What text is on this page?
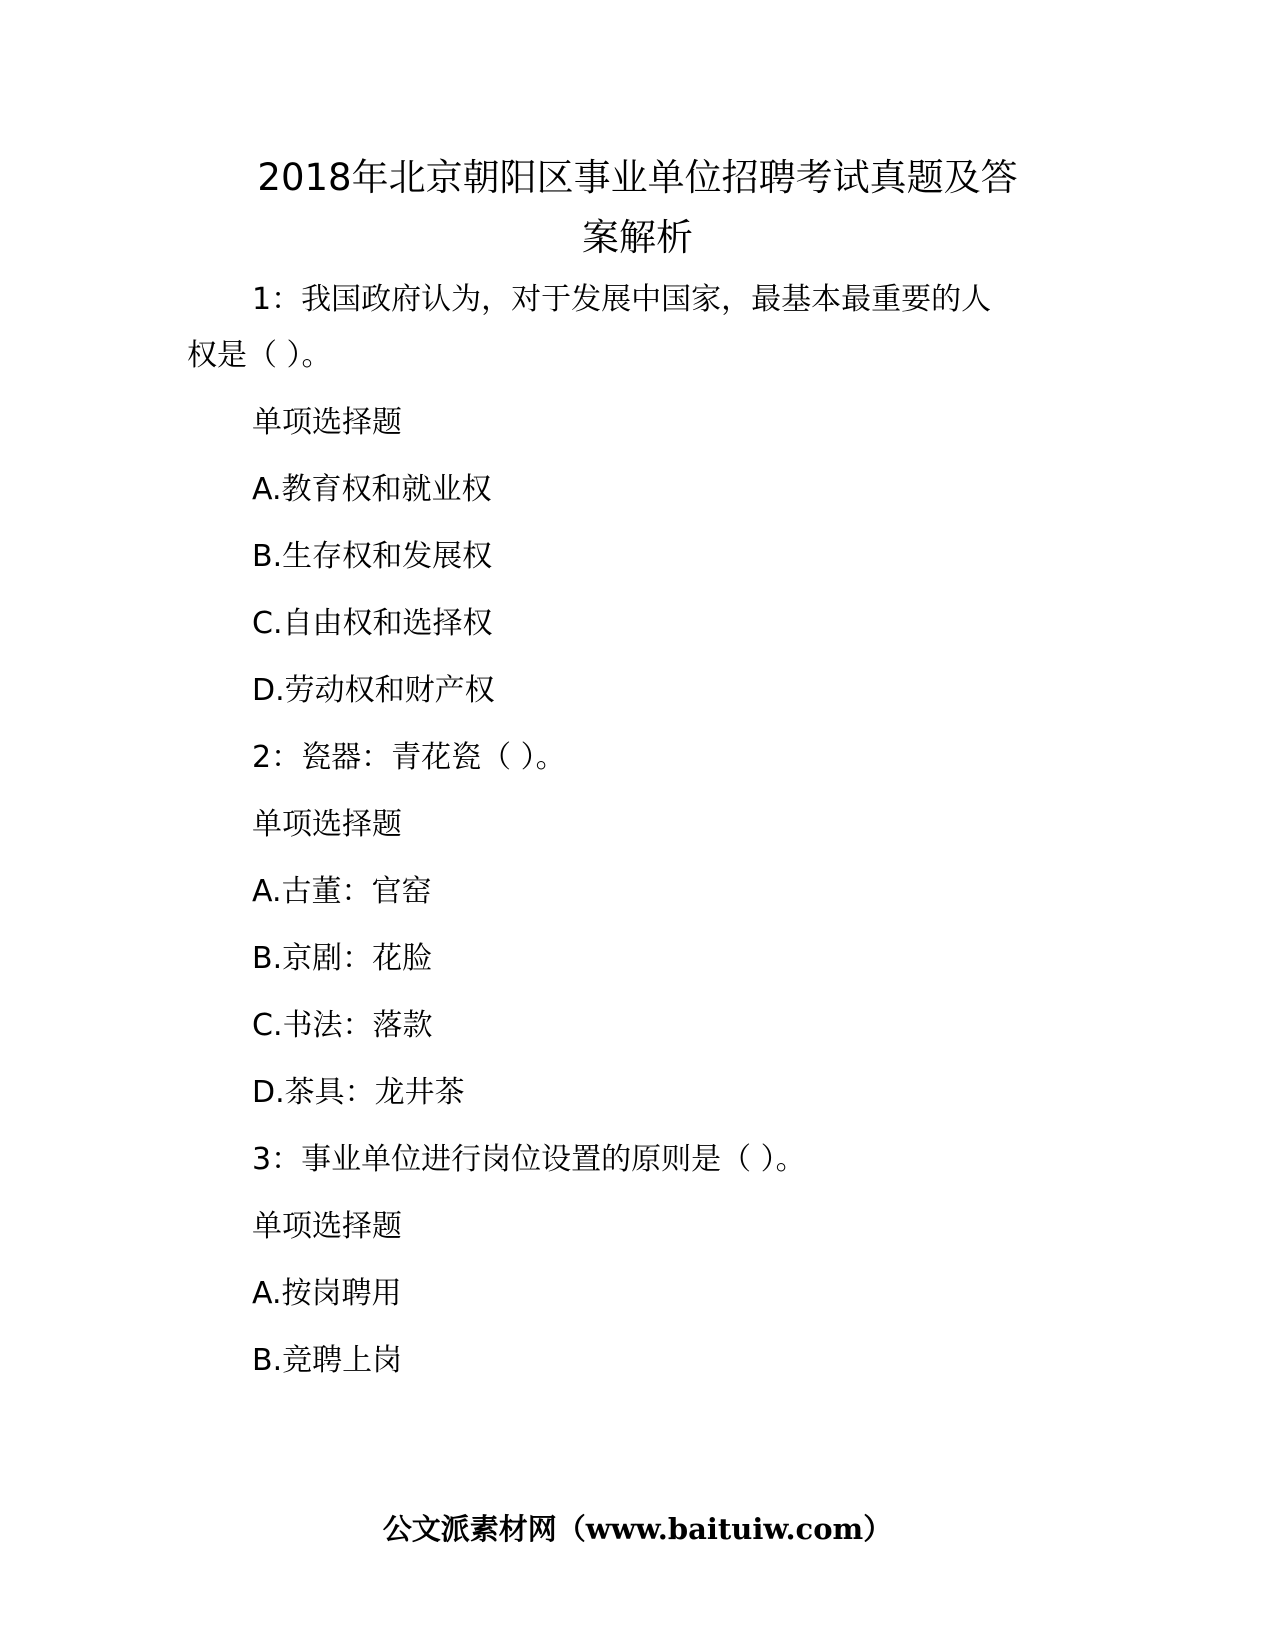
2018年北京朝阳区事业单位招聘考试真题及答
案解析

1：我国政府认为，对于发展中国家，最基本最重要的人

权是（ ）。

单项选择题

A.教育权和就业权

B.生存权和发展权

C.自由权和选择权

D.劳动权和财产权

2：瓷器：青花瓷（ ）。

单项选择题

A.古董：官窑

B.京剧：花脸

C.书法：落款

D.茶具：龙井茶

3：事业单位进行岗位设置的原则是（ ）。

单项选择题

A.按岗聘用

B.竞聘上岗

公文派素材网（www.baituiw.com）
